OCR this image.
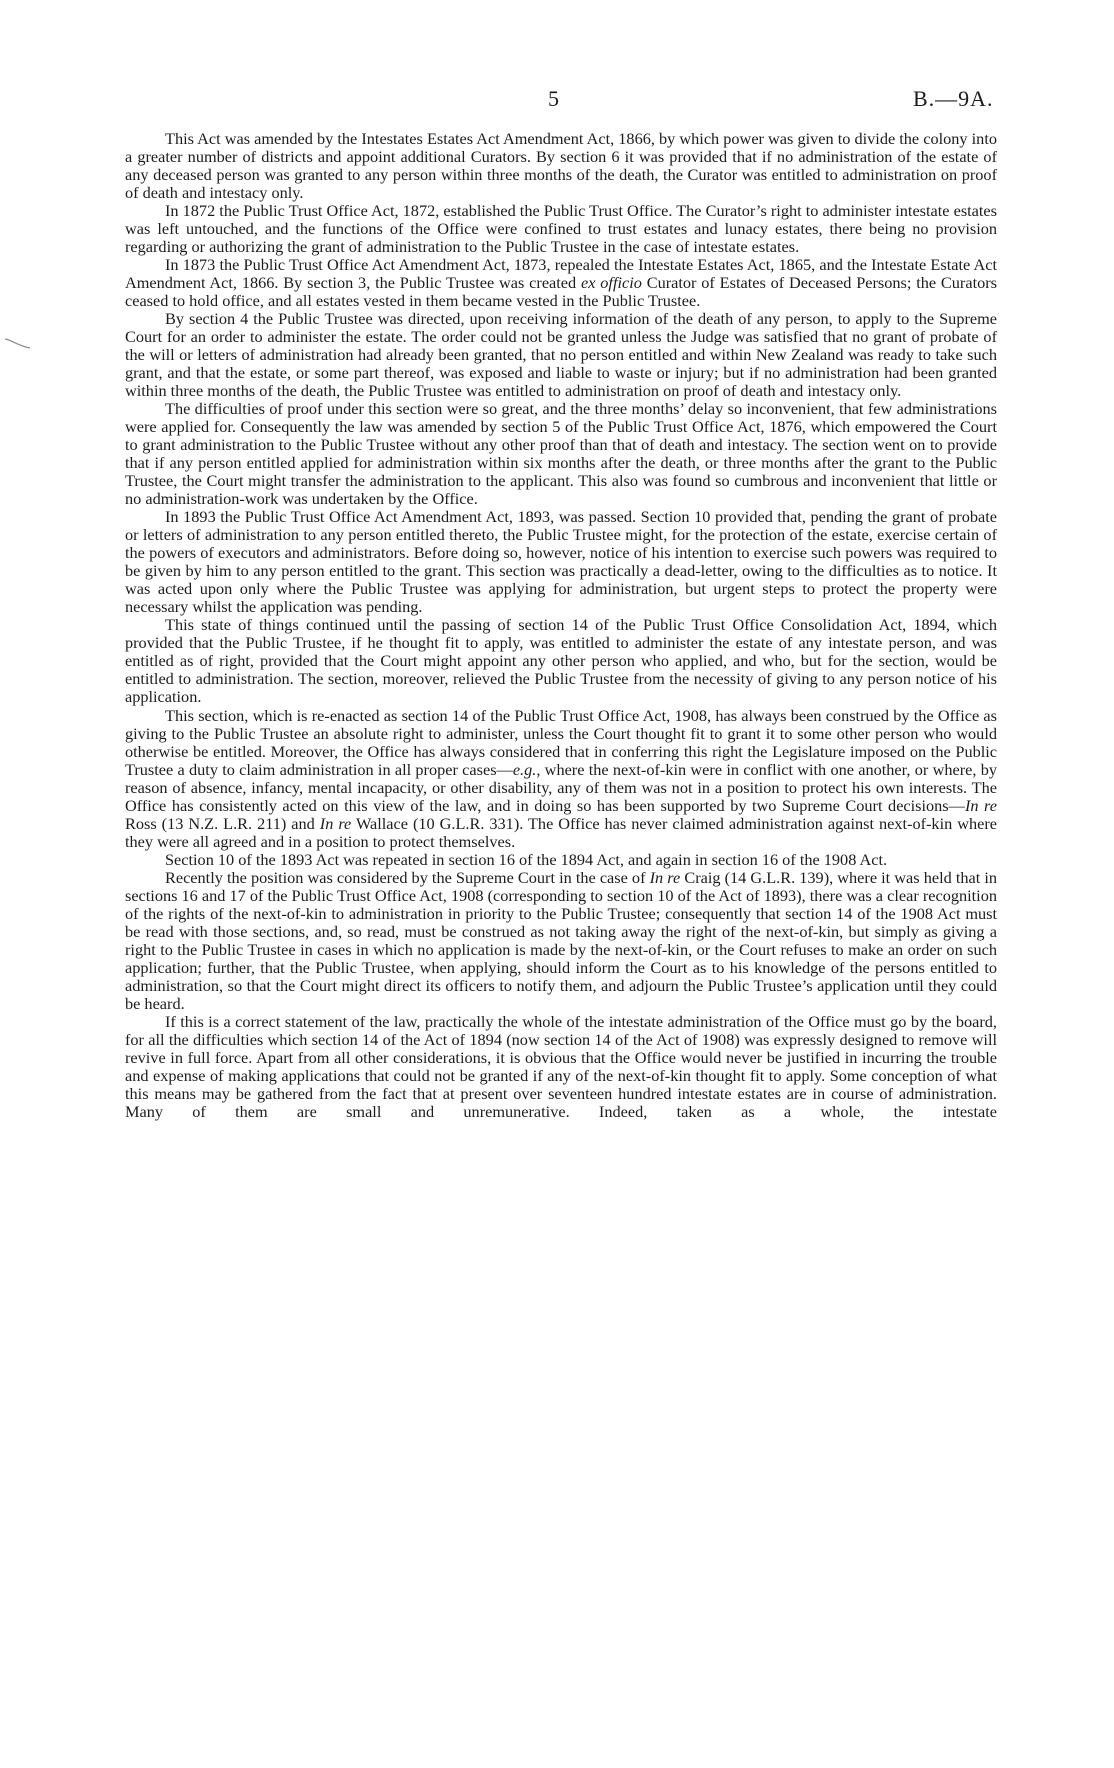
5	B.—9A.

This Act was amended by the Intestates Estates Act Amendment Act, 1866, by which power was given to divide the colony into a greater number of districts and appoint additional Curators. By section 6 it was provided that if no administration of the estate of any deceased person was granted to any person within three months of the death, the Curator was entitled to administration on proof of death and intestacy only.

In 1872 the Public Trust Office Act, 1872, established the Public Trust Office. The Curator’s right to administer intestate estates was left untouched, and the functions of the Office were confined to trust estates and lunacy estates, there being no provision regarding or authorizing the grant of administration to the Public Trustee in the case of intestate estates.

In 1873 the Public Trust Office Act Amendment Act, 1873, repealed the Intestate Estates Act, 1865, and the Intestate Estate Act Amendment Act, 1866. By section 3, the Public Trustee was created ex officio Curator of Estates of Deceased Persons; the Curators ceased to hold office, and all estates vested in them became vested in the Public Trustee.

By section 4 the Public Trustee was directed, upon receiving information of the death of any person, to apply to the Supreme Court for an order to administer the estate. The order could not be granted unless the Judge was satisfied that no grant of probate of the will or letters of administration had already been granted, that no person entitled and within New Zealand was ready to take such grant, and that the estate, or some part thereof, was exposed and liable to waste or injury; but if no administration had been granted within three months of the death, the Public Trustee was entitled to administration on proof of death and intestacy only.

The difficulties of proof under this section were so great, and the three months’ delay so inconvenient, that few administrations were applied for. Consequently the law was amended by section 5 of the Public Trust Office Act, 1876, which empowered the Court to grant administration to the Public Trustee without any other proof than that of death and intestacy. The section went on to provide that if any person entitled applied for administration within six months after the death, or three months after the grant to the Public Trustee, the Court might transfer the administration to the applicant. This also was found so cumbrous and inconvenient that little or no administration-work was undertaken by the Office.

In 1893 the Public Trust Office Act Amendment Act, 1893, was passed. Section 10 provided that, pending the grant of probate or letters of administration to any person entitled thereto, the Public Trustee might, for the protection of the estate, exercise certain of the powers of executors and administrators. Before doing so, however, notice of his intention to exercise such powers was required to be given by him to any person entitled to the grant. This section was practically a dead-letter, owing to the difficulties as to notice. It was acted upon only where the Public Trustee was applying for administration, but urgent steps to protect the property were necessary whilst the application was pending.

This state of things continued until the passing of section 14 of the Public Trust Office Consolidation Act, 1894, which provided that the Public Trustee, if he thought fit to apply, was entitled to administer the estate of any intestate person, and was entitled as of right, provided that the Court might appoint any other person who applied, and who, but for the section, would be entitled to administration. The section, moreover, relieved the Public Trustee from the necessity of giving to any person notice of his application.

This section, which is re-enacted as section 14 of the Public Trust Office Act, 1908, has always been construed by the Office as giving to the Public Trustee an absolute right to administer, unless the Court thought fit to grant it to some other person who would otherwise be entitled. Moreover, the Office has always considered that in conferring this right the Legislature imposed on the Public Trustee a duty to claim administration in all proper cases—e.g., where the next-of-kin were in conflict with one another, or where, by reason of absence, infancy, mental incapacity, or other disability, any of them was not in a position to protect his own interests. The Office has consistently acted on this view of the law, and in doing so has been supported by two Supreme Court decisions—In re Ross (13 N.Z. L.R. 211) and In re Wallace (10 G.L.R. 331). The Office has never claimed administration against next-of-kin where they were all agreed and in a position to protect themselves.

Section 10 of the 1893 Act was repeated in section 16 of the 1894 Act, and again in section 16 of the 1908 Act.

Recently the position was considered by the Supreme Court in the case of In re Craig (14 G.L.R. 139), where it was held that in sections 16 and 17 of the Public Trust Office Act, 1908 (corresponding to section 10 of the Act of 1893), there was a clear recognition of the rights of the next-of-kin to administration in priority to the Public Trustee; consequently that section 14 of the 1908 Act must be read with those sections, and, so read, must be construed as not taking away the right of the next-of-kin, but simply as giving a right to the Public Trustee in cases in which no application is made by the next-of-kin, or the Court refuses to make an order on such application; further, that the Public Trustee, when applying, should inform the Court as to his knowledge of the persons entitled to administration, so that the Court might direct its officers to notify them, and adjourn the Public Trustee’s application until they could be heard.

If this is a correct statement of the law, practically the whole of the intestate administration of the Office must go by the board, for all the difficulties which section 14 of the Act of 1894 (now section 14 of the Act of 1908) was expressly designed to remove will revive in full force. Apart from all other considerations, it is obvious that the Office would never be justified in incurring the trouble and expense of making applications that could not be granted if any of the next-of-kin thought fit to apply. Some conception of what this means may be gathered from the fact that at present over seventeen hundred intestate estates are in course of administration. Many of them are small and unremunerative. Indeed, taken as a whole, the intestate
